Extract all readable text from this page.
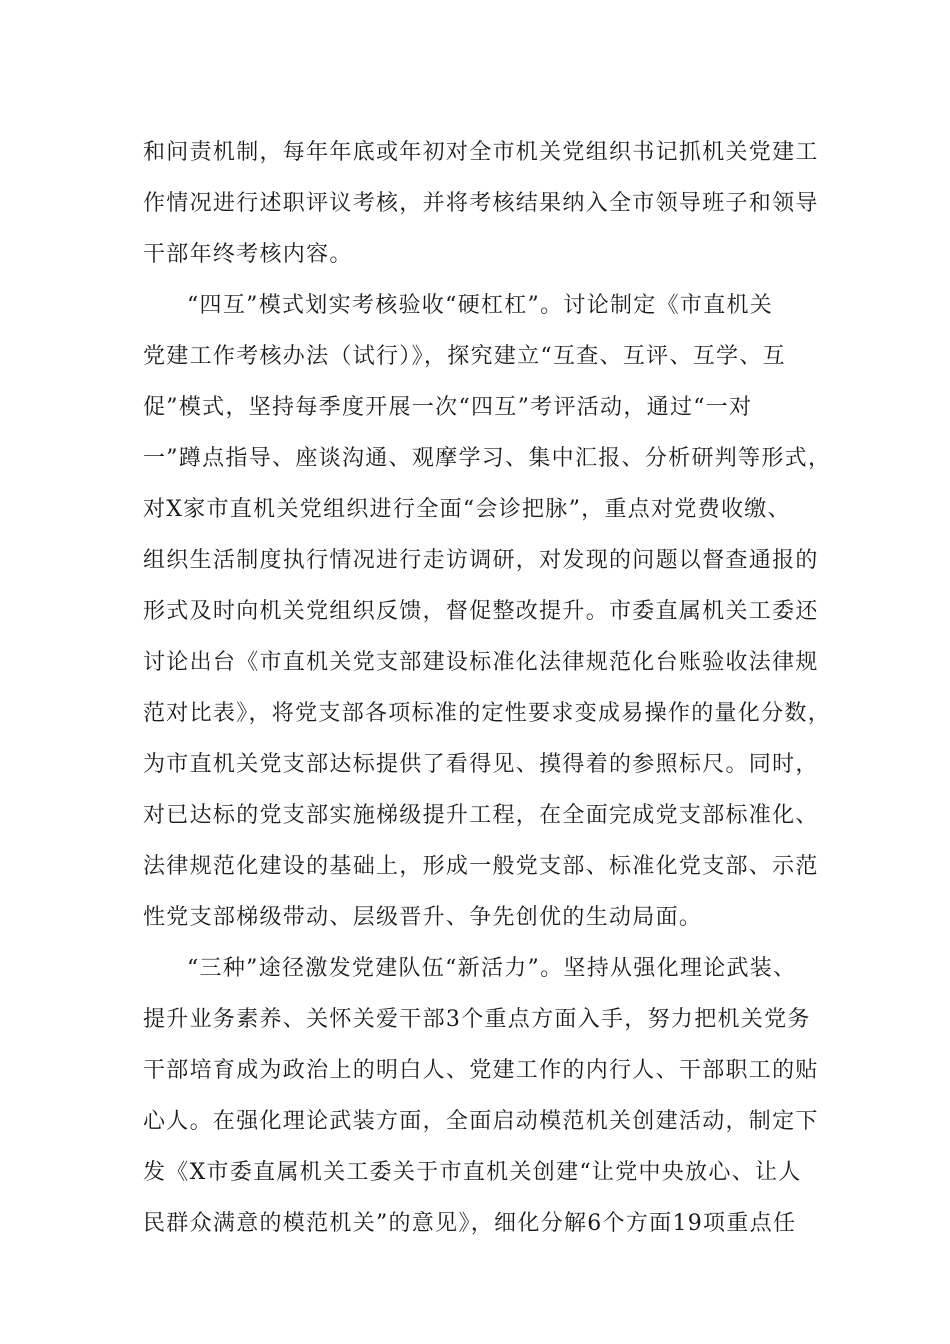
和问责机制，每年年底或年初对全市机关党组织书记抓机关党建工
作情况进行述职评议考核，并将考核结果纳入全市领导班子和领导
干部年终考核内容。
“四互”模式划实考核验收“硬杠杠”。讨论制定《市直机关
党建工作考核办法（试行）》，探究建立“互查、互评、互学、互
促”模式，坚持每季度开展一次“四互”考评活动，通过“一对
一”蹲点指导、座谈沟通、观摩学习、集中汇报、分析研判等形式，
对X家市直机关党组织进行全面“会诊把脉”，重点对党费收缴、
组织生活制度执行情况进行走访调研，对发现的问题以督查通报的
形式及时向机关党组织反馈，督促整改提升。市委直属机关工委还
讨论出台《市直机关党支部建设标准化法律规范化台账验收法律规
范对比表》，将党支部各项标准的定性要求变成易操作的量化分数，
为市直机关党支部达标提供了看得见、摸得着的参照标尺。同时，
对已达标的党支部实施梯级提升工程，在全面完成党支部标准化、
法律规范化建设的基础上，形成一般党支部、标准化党支部、示范
性党支部梯级带动、层级晋升、争先创优的生动局面。
“三种”途径激发党建队伍“新活力”。坚持从强化理论武装、
提升业务素养、关怀关爱干部3个重点方面入手，努力把机关党务
干部培育成为政治上的明白人、党建工作的内行人、干部职工的贴
心人。在强化理论武装方面，全面启动模范机关创建活动，制定下
发《X市委直属机关工委关于市直机关创建“让党中央放心、让人
民群众满意的模范机关”的意见》，细化分解6个方面19项重点任
